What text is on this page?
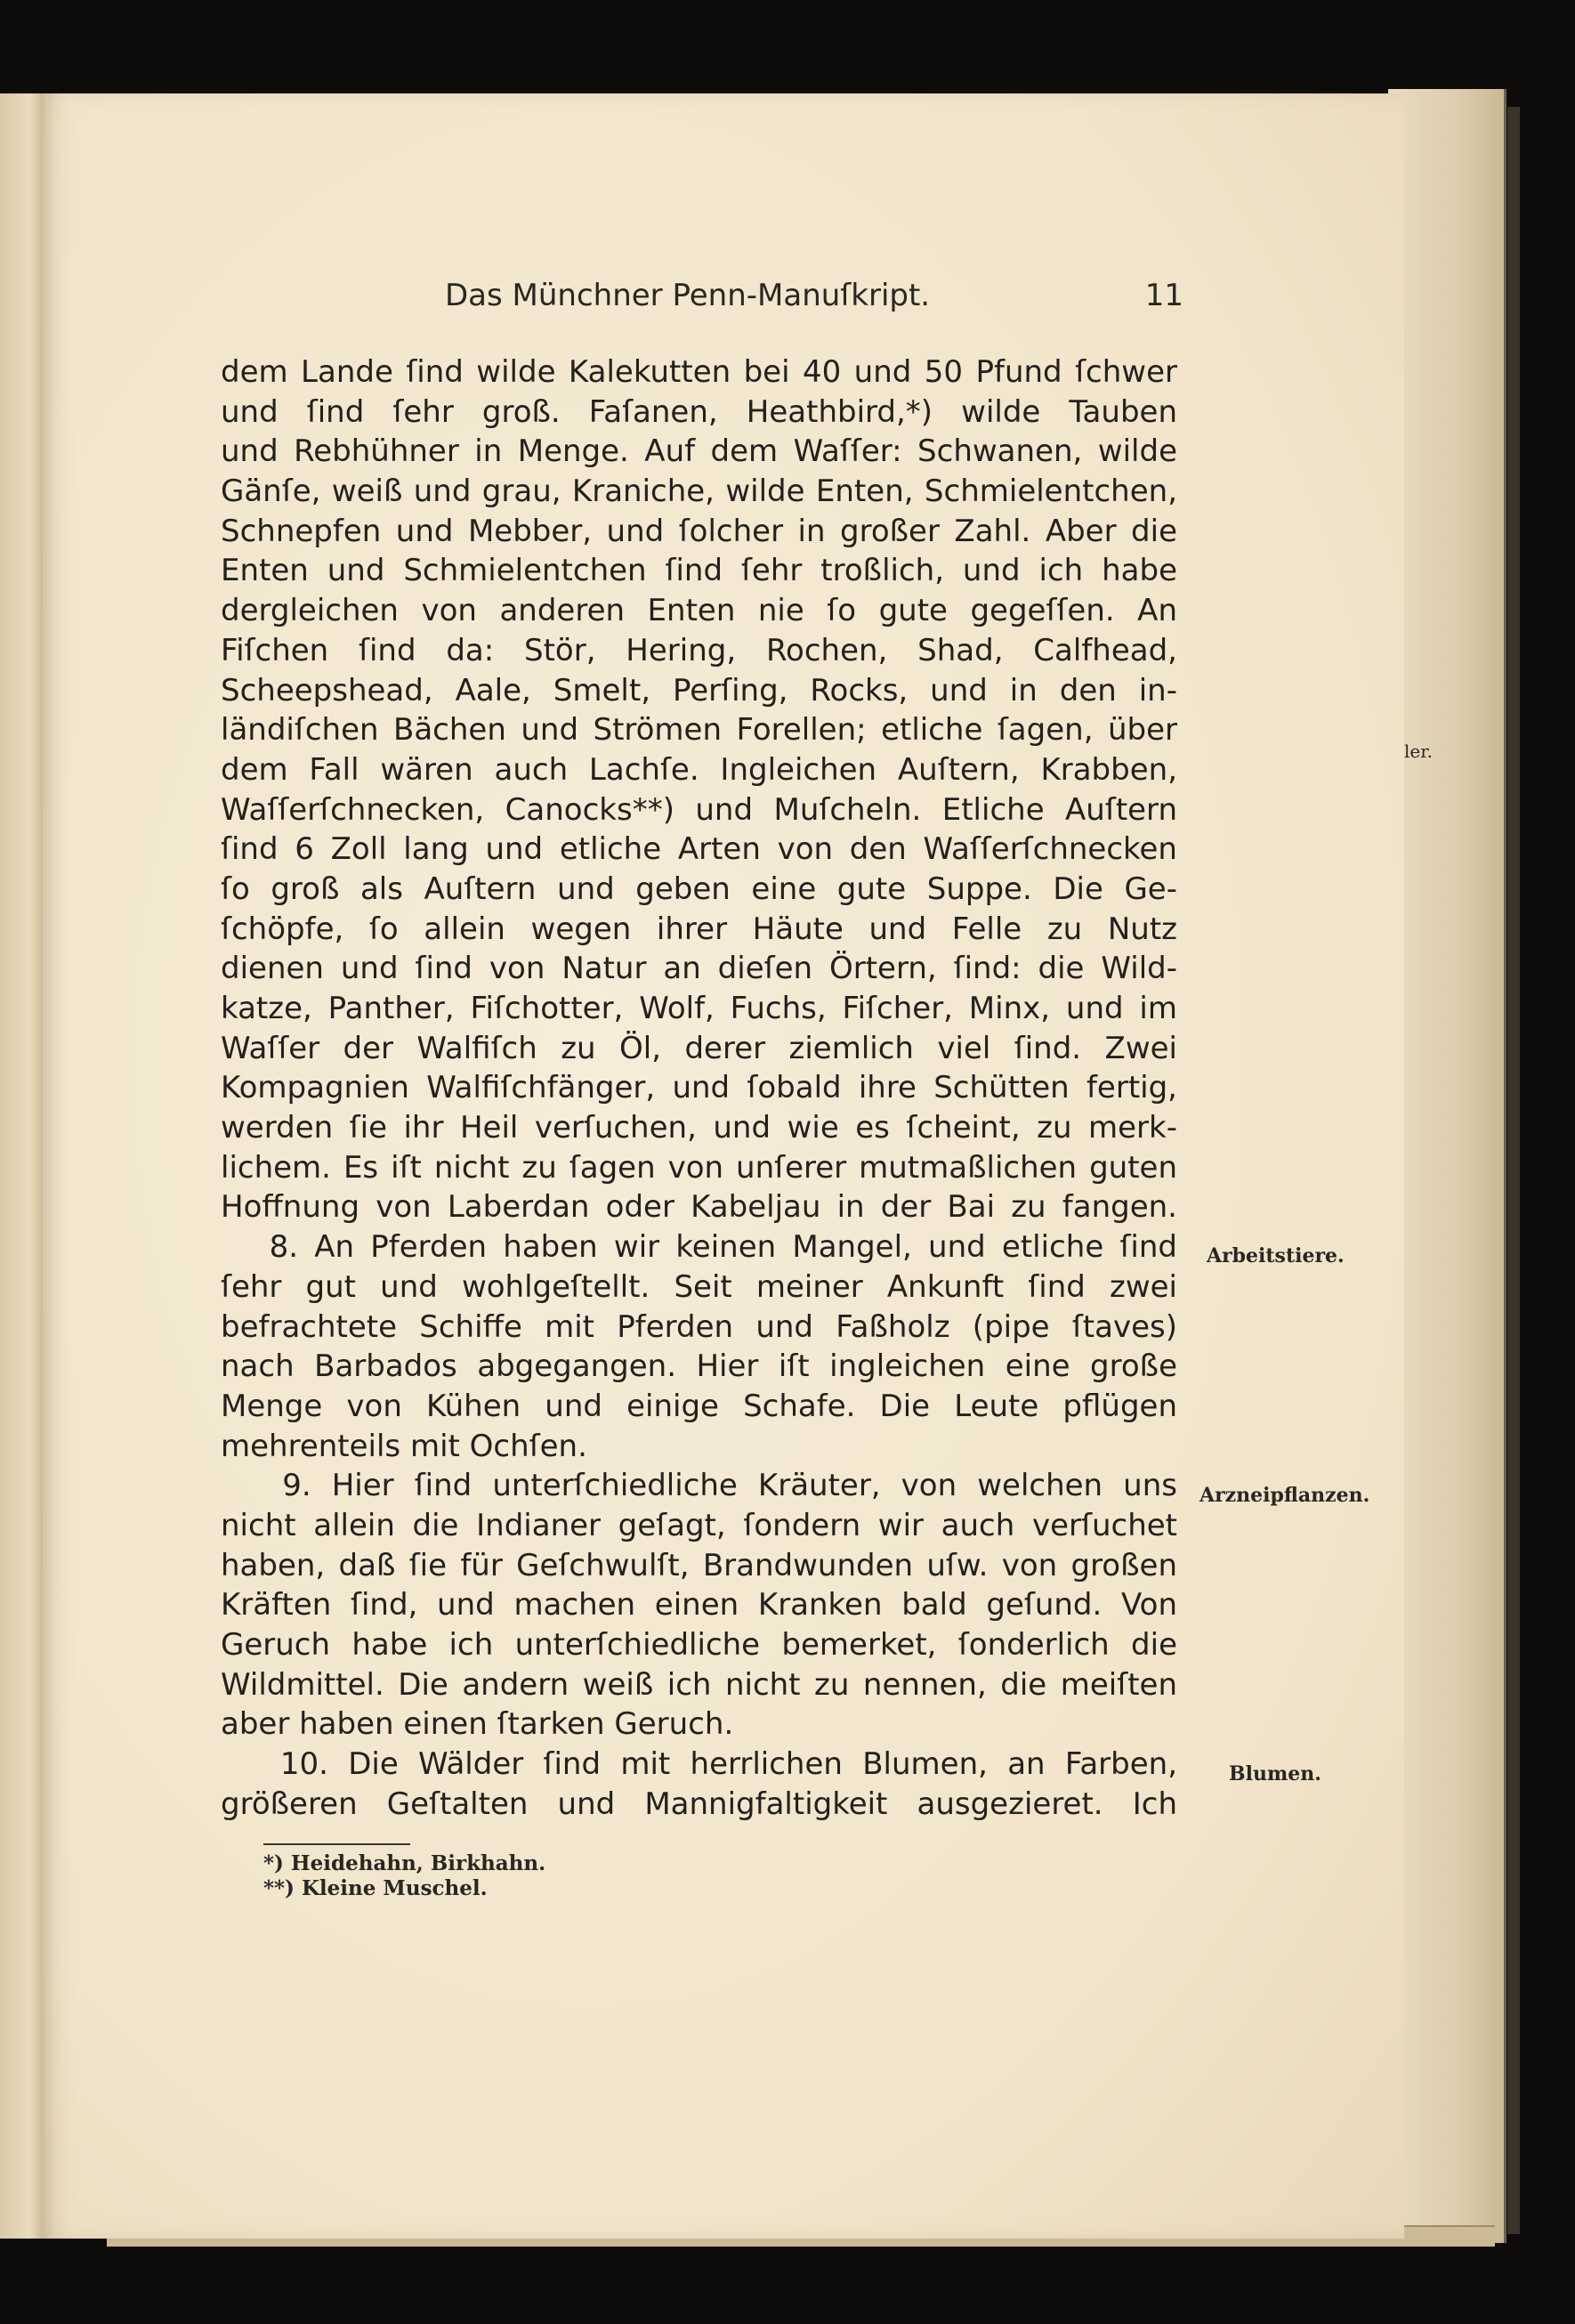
Das Münchner Penn-Manuſkript.	11
dem Lande ſind wilde Kalekutten bei 40 und 50 Pfund ſchwer
und ſind ſehr groß. Faſanen, Heathbird,*) wilde Tauben
und Rebhühner in Menge. Auf dem Waſſer: Schwanen, wilde
Gänſe, weiß und grau, Kraniche, wilde Enten, Schmielentchen,
Schnepfen und Mebber, und ſolcher in großer Zahl. Aber die
Enten und Schmielentchen ſind ſehr troßlich, und ich habe
dergleichen von anderen Enten nie ſo gute gegeſſen. An
Fiſchen ſind da: Stör, Hering, Rochen, Shad, Calfhead,
Scheepshead, Aale, Smelt, Perſing, Rocks, und in den in-
ländiſchen Bächen und Strömen Forellen; etliche ſagen, über
dem Fall wären auch Lachſe. Ingleichen Auſtern, Krabben,
Waſſerſchnecken, Canocks**) und Muſcheln. Etliche Auſtern
ſind 6 Zoll lang und etliche Arten von den Waſſerſchnecken
ſo groß als Auſtern und geben eine gute Suppe. Die Ge-
ſchöpfe, ſo allein wegen ihrer Häute und Felle zu Nutz
dienen und ſind von Natur an dieſen Örtern, ſind: die Wild-
katze, Panther, Fiſchotter, Wolf, Fuchs, Fiſcher, Minx, und im
Waſſer der Walfiſch zu Öl, derer ziemlich viel ſind. Zwei
Kompagnien Walfiſchfänger, und ſobald ihre Schütten fertig,
werden ſie ihr Heil verſuchen, und wie es ſcheint, zu merk-
lichem. Es iſt nicht zu ſagen von unſerer mutmaßlichen guten
Hoffnung von Laberdan oder Kabeljau in der Bai zu fangen.
8. An Pferden haben wir keinen Mangel, und etliche ſind
ſehr gut und wohlgeſtellt. Seit meiner Ankunft ſind zwei
befrachtete Schiffe mit Pferden und Faßholz (pipe ſtaves)
nach Barbados abgegangen. Hier iſt ingleichen eine große
Menge von Kühen und einige Schafe. Die Leute pflügen
mehrenteils mit Ochſen.
9. Hier ſind unterſchiedliche Kräuter, von welchen uns
nicht allein die Indianer geſagt, ſondern wir auch verſuchet
haben, daß ſie für Geſchwulſt, Brandwunden uſw. von großen
Kräften ſind, und machen einen Kranken bald geſund. Von
Geruch habe ich unterſchiedliche bemerket, ſonderlich die
Wildmittel. Die andern weiß ich nicht zu nennen, die meiſten
aber haben einen ſtarken Geruch.
10. Die Wälder ſind mit herrlichen Blumen, an Farben,
größeren Geſtalten und Mannigfaltigkeit ausgezieret. Ich
ler.
Arbeitstiere.
Arzneipflanzen.
Blumen.
*) Heidehahn, Birkhahn.
**) Kleine Muschel.
